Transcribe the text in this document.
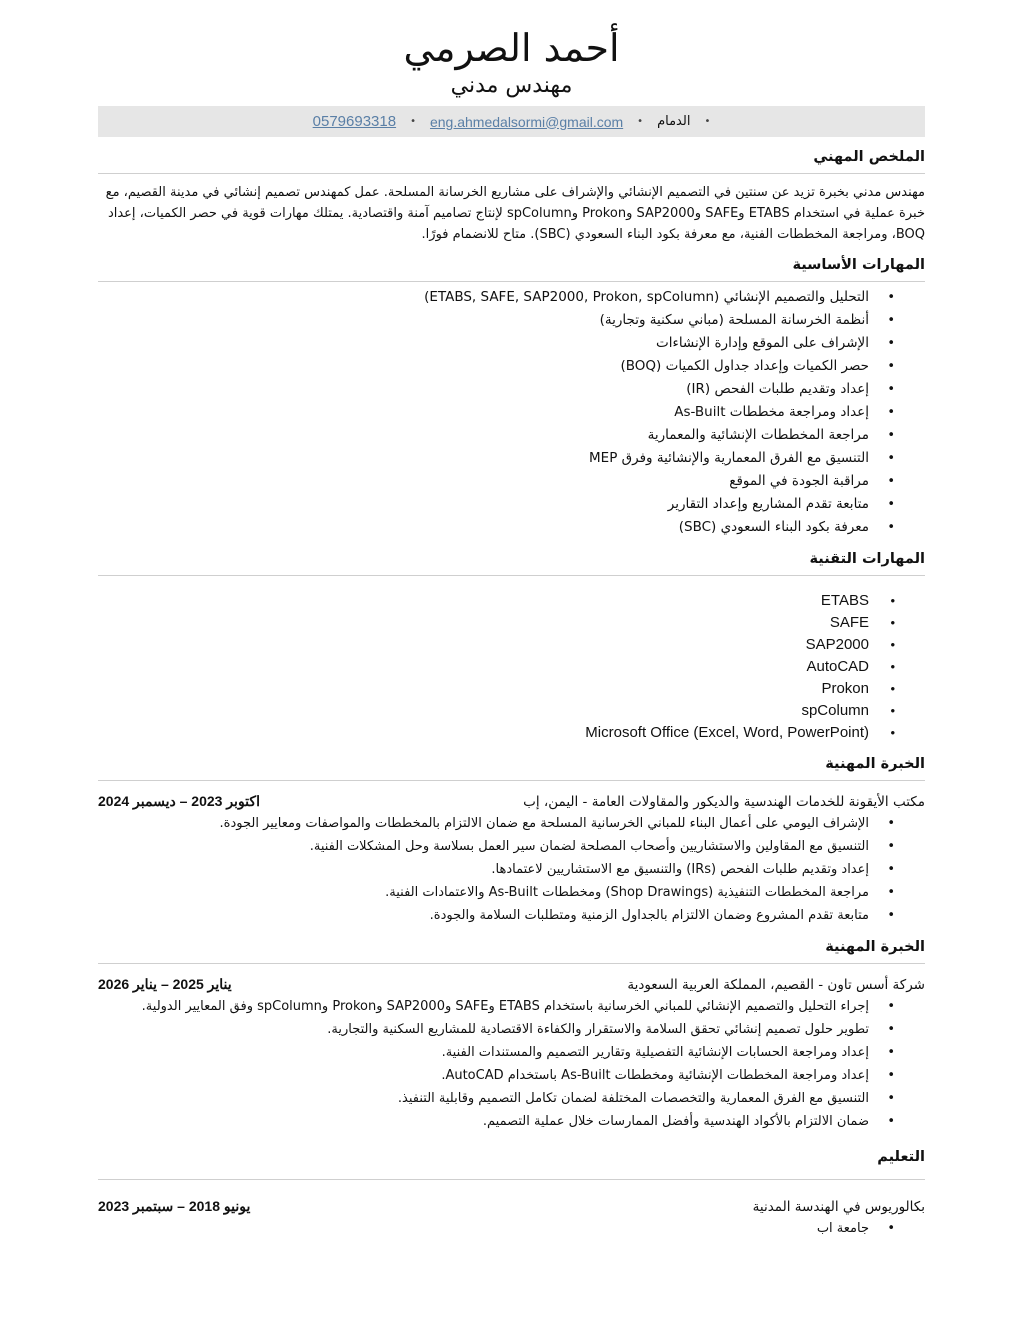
أحمد الصرمي
مهندس مدني
•
الدمام
•
eng.ahmedalsormi@gmail.com
•
0579693318
الملخص المهني

مهندس مدني بخبرة تزيد عن سنتين في التصميم الإنشائي والإشراف على مشاريع الخرسانة المسلحة. عمل كمهندس تصميم إنشائي في مدينة القصيم، مع خبرة عملية في استخدام ETABS وSAFE وSAP2000 وProkon وspColumn لإنتاج تصاميم آمنة واقتصادية. يمتلك مهارات قوية في حصر الكميات، إعداد BOQ، ومراجعة المخططات الفنية، مع معرفة بكود البناء السعودي (SBC). متاح للانضمام فورًا.

المهارات الأساسية
• التحليل والتصميم الإنشائي (ETABS, SAFE, SAP2000, Prokon, spColumn)
• أنظمة الخرسانة المسلحة (مباني سكنية وتجارية)
• الإشراف على الموقع وإدارة الإنشاءات
• حصر الكميات وإعداد جداول الكميات (BOQ)
• إعداد وتقديم طلبات الفحص (IR)
• إعداد ومراجعة مخططات As-Built
• مراجعة المخططات الإنشائية والمعمارية
• التنسيق مع الفرق المعمارية والإنشائية وفرق MEP
• مراقبة الجودة في الموقع
• متابعة تقدم المشاريع وإعداد التقارير
• معرفة بكود البناء السعودي (SBC)
المهارات التقنية
• ETABS
• SAFE
• SAP2000
• AutoCAD
• Prokon
• spColumn
• Microsoft Office (Excel, Word, PowerPoint)
الخبرة المهنية
مكتب الأيقونة للخدمات الهندسية والديكور والمقاولات العامة - اليمن، إب
اكتوبر 2023 – ديسمبر 2024
• الإشراف اليومي على أعمال البناء للمباني الخرسانية المسلحة مع ضمان الالتزام بالمخططات والمواصفات ومعايير الجودة.
• التنسيق مع المقاولين والاستشاريين وأصحاب المصلحة لضمان سير العمل بسلاسة وحل المشكلات الفنية.
• إعداد وتقديم طلبات الفحص (IRs) والتنسيق مع الاستشاريين لاعتمادها.
• مراجعة المخططات التنفيذية (Shop Drawings) ومخططات As-Built والاعتمادات الفنية.
• متابعة تقدم المشروع وضمان الالتزام بالجداول الزمنية ومتطلبات السلامة والجودة.
الخبرة المهنية
شركة أسس تاون - القصيم، المملكة العربية السعودية
يناير 2025 – يناير 2026
• إجراء التحليل والتصميم الإنشائي للمباني الخرسانية باستخدام ETABS وSAFE وSAP2000 وProkon وspColumn وفق المعايير الدولية.
• تطوير حلول تصميم إنشائي تحقق السلامة والاستقرار والكفاءة الاقتصادية للمشاريع السكنية والتجارية.
• إعداد ومراجعة الحسابات الإنشائية التفصيلية وتقارير التصميم والمستندات الفنية.
• إعداد ومراجعة المخططات الإنشائية ومخططات As-Built باستخدام AutoCAD.
• التنسيق مع الفرق المعمارية والتخصصات المختلفة لضمان تكامل التصميم وقابلية التنفيذ.
• ضمان الالتزام بالأكواد الهندسية وأفضل الممارسات خلال عملية التصميم.
التعليم
بكالوريوس في الهندسة المدنية
يونيو 2018 – سبتمبر 2023
• جامعة اب
